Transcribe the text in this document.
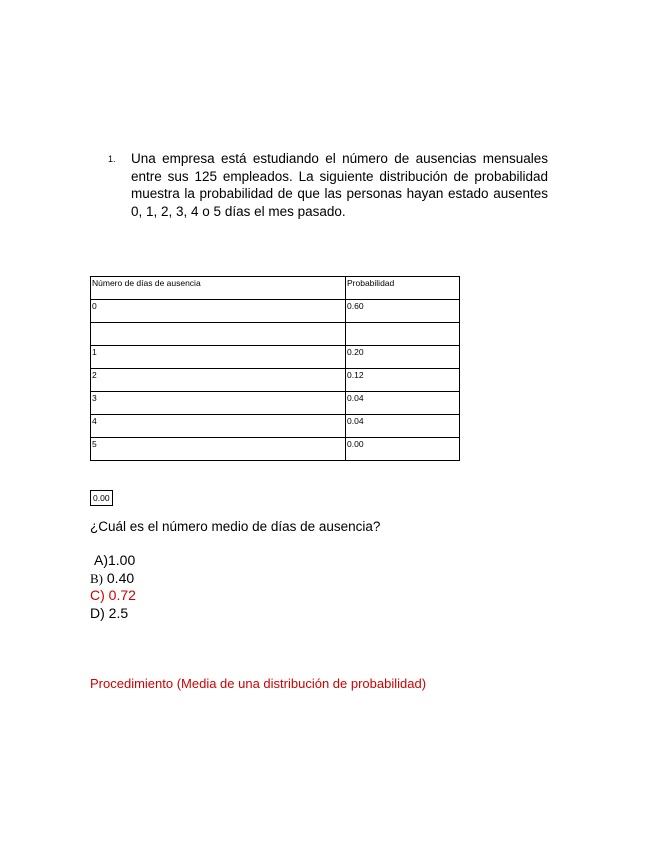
1. Una empresa está estudiando el número de ausencias mensuales entre sus 125 empleados. La siguiente distribución de probabilidad muestra la probabilidad de que las personas hayan estado ausentes 0, 1, 2, 3, 4 o 5 días el mes pasado.
Número de días de ausencia	Probabilidad
0	0.60

1	0.20
2	0.12
3	0.04
4	0.04
5	0.00
0.00
¿Cuál es el número medio de días de ausencia?
A)1.00
B) 0.40
C) 0.72
D) 2.5
Procedimiento (Media de una distribución de probabilidad)
